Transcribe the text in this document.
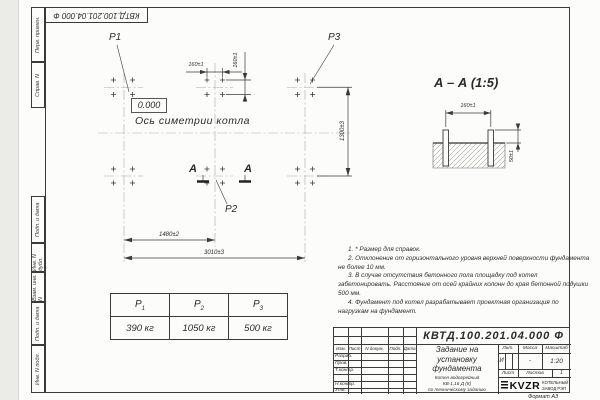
КВТД.100.201.04.000 Ф
Перв. примен.
Справ. N
Подп. и дата
Инв. N дубл.
Взам. инв. N
Подп. и дата
Инв. N подл.
Р1	Р3
Р2
0.000
Ось симетрии котла
160±1	160±1
1480±2
3010±3
1300±3
А	А
А – А (1:5)
160±1
50±1
$Р_1$	$Р_2$	$Р_3$
390 кг	1050 кг	500 кг

1. * Размер для справок.

2. Отклонение от горизонтального уровня верхней поверхности фундамента не более 10 мм.

3. В случае отсутствия бетонного пола площадку под котел забетонировать. Расстояние от осей крайних колонн до края бетонной подушки 500 мм.

4. Фундамент под котел разрабатывает проектная организация по нагрузкам на фундамент.

КВТД.100.201.04.000 Ф
Изм. Лист	N докум.	Подп. Дата
Разраб.
Пров.
Т.контр.
Н.контр.
Утв.
Задание на установку фундамента
Котел водогрейный
КВ-1,16 Д (К)
по техническому заданию
Лит.	Масса	Масштаб
И	-	1:20
Лист	Листов	1
KVZR КОТЕЛЬНЫЙ
ЗАВОД РЭП
Формат А3
